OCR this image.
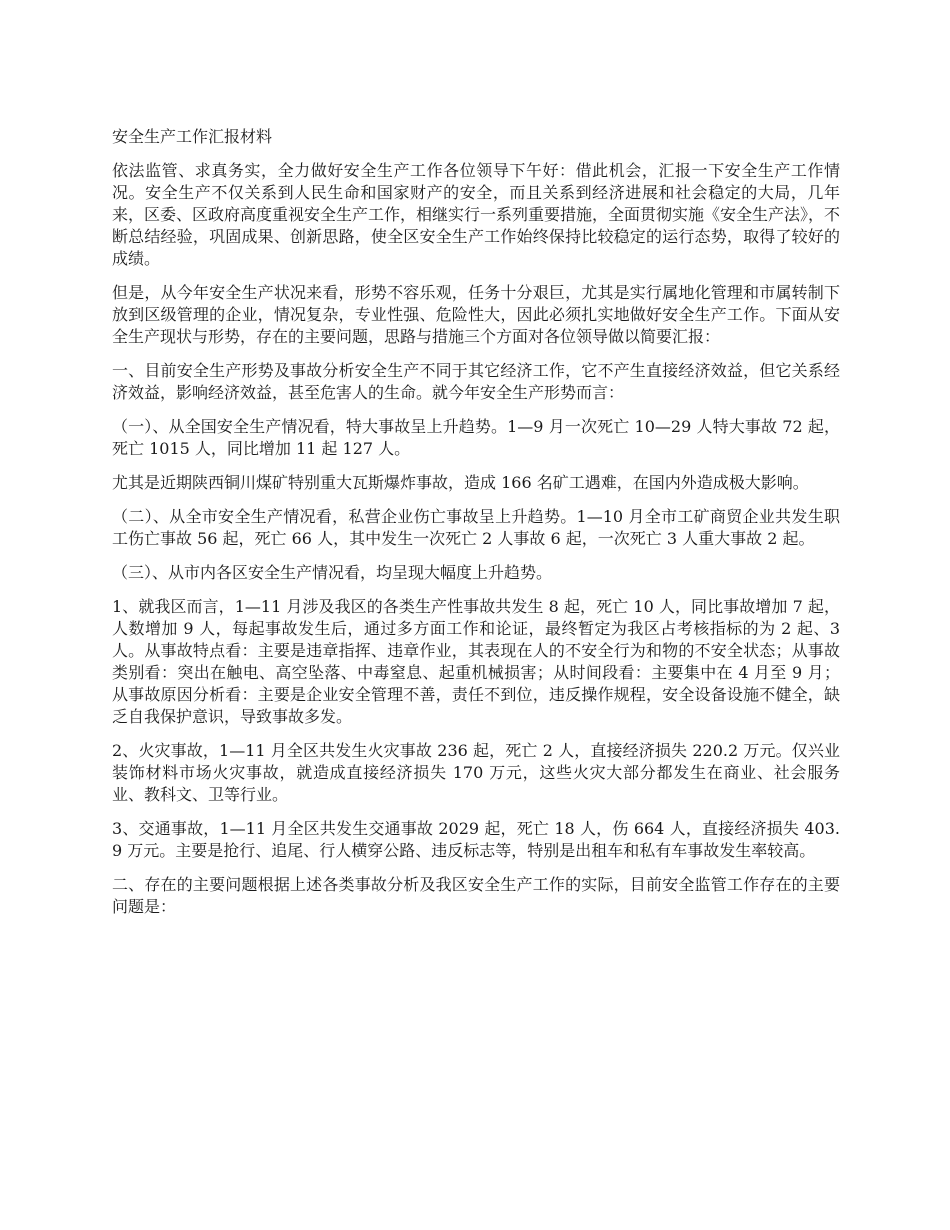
安全生产工作汇报材料

依法监管、求真务实，全力做好安全生产工作各位领导下午好：借此机会，汇报一下安全生产工作情况。安全生产不仅关系到人民生命和国家财产的安全，而且关系到经济进展和社会稳定的大局，几年来，区委、区政府高度重视安全生产工作，相继实行一系列重要措施，全面贯彻实施《安全生产法》，不断总结经验，巩固成果、创新思路，使全区安全生产工作始终保持比较稳定的运行态势，取得了较好的成绩。

但是，从今年安全生产状况来看，形势不容乐观，任务十分艰巨，尤其是实行属地化管理和市属转制下放到区级管理的企业，情况复杂，专业性强、危险性大，因此必须扎实地做好安全生产工作。下面从安全生产现状与形势，存在的主要问题，思路与措施三个方面对各位领导做以简要汇报：

一、目前安全生产形势及事故分析安全生产不同于其它经济工作，它不产生直接经济效益，但它关系经济效益，影响经济效益，甚至危害人的生命。就今年安全生产形势而言：

（一）、从全国安全生产情况看，特大事故呈上升趋势。1—9 月一次死亡 10—29 人特大事故 72 起，死亡 1015 人，同比增加 11 起 127 人。

尤其是近期陕西铜川煤矿特别重大瓦斯爆炸事故，造成 166 名矿工遇难，在国内外造成极大影响。

（二）、从全市安全生产情况看，私营企业伤亡事故呈上升趋势。1—10 月全市工矿商贸企业共发生职工伤亡事故 56 起，死亡 66 人，其中发生一次死亡 2 人事故 6 起，一次死亡 3 人重大事故 2 起。

（三）、从市内各区安全生产情况看，均呈现大幅度上升趋势。

1、就我区而言，1—11 月涉及我区的各类生产性事故共发生 8 起，死亡 10 人，同比事故增加 7 起，人数增加 9 人，每起事故发生后，通过多方面工作和论证，最终暂定为我区占考核指标的为 2 起、3 人。从事故特点看：主要是违章指挥、违章作业，其表现在人的不安全行为和物的不安全状态；从事故类别看：突出在触电、高空坠落、中毒窒息、起重机械损害；从时间段看：主要集中在 4 月至 9 月；从事故原因分析看：主要是企业安全管理不善，责任不到位，违反操作规程，安全设备设施不健全，缺乏自我保护意识，导致事故多发。

2、火灾事故，1—11 月全区共发生火灾事故 236 起，死亡 2 人，直接经济损失 220.2 万元。仅兴业装饰材料市场火灾事故，就造成直接经济损失 170 万元，这些火灾大部分都发生在商业、社会服务业、教科文、卫等行业。

3、交通事故，1—11 月全区共发生交通事故 2029 起，死亡 18 人，伤 664 人，直接经济损失 403.9 万元。主要是抢行、追尾、行人横穿公路、违反标志等，特别是出租车和私有车事故发生率较高。

二、存在的主要问题根据上述各类事故分析及我区安全生产工作的实际，目前安全监管工作存在的主要问题是：
